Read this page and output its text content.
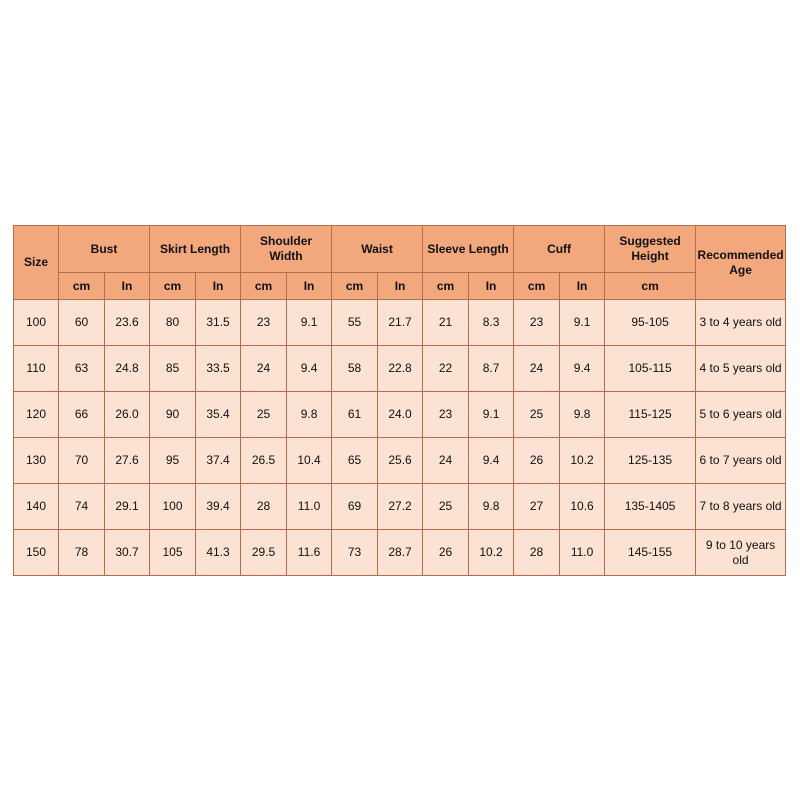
Size	Bust		Skirt Length		Shoulder Width		Waist		Sleeve Length		Cuff		Suggested Height	Recommended Age
	cm	In	cm	In	cm	In	cm	In	cm	In	cm	In	cm	
100	60	23.6	80	31.5	23	9.1	55	21.7	21	8.3	23	9.1	95-105	3 to 4 years old
110	63	24.8	85	33.5	24	9.4	58	22.8	22	8.7	24	9.4	105-115	4 to 5 years old
120	66	26.0	90	35.4	25	9.8	61	24.0	23	9.1	25	9.8	115-125	5 to 6 years old
130	70	27.6	95	37.4	26.5	10.4	65	25.6	24	9.4	26	10.2	125-135	6 to 7 years old
140	74	29.1	100	39.4	28	11.0	69	27.2	25	9.8	27	10.6	135-1405	7 to 8 years old
150	78	30.7	105	41.3	29.5	11.6	73	28.7	26	10.2	28	11.0	145-155	9 to 10 years old
